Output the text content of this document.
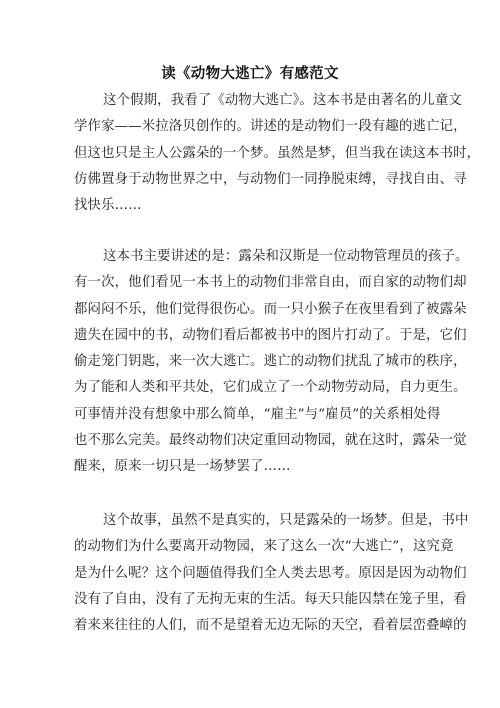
读《动物大逃亡》有感范文
这个假期，我看了《动物大逃亡》。这本书是由著名的儿童文
学作家——米拉洛贝创作的。讲述的是动物们一段有趣的逃亡记，
但这也只是主人公露朵的一个梦。虽然是梦，但当我在读这本书时，
仿佛置身于动物世界之中，与动物们一同挣脱束缚，寻找自由、寻
找快乐……
这本书主要讲述的是：露朵和汉斯是一位动物管理员的孩子。
有一次，他们看见一本书上的动物们非常自由，而自家的动物们却
都闷闷不乐，他们觉得很伤心。而一只小猴子在夜里看到了被露朵
遗失在园中的书，动物们看后都被书中的图片打动了。于是，它们
偷走笼门钥匙，来一次大逃亡。逃亡的动物们扰乱了城市的秩序，
为了能和人类和平共处，它们成立了一个动物劳动局，自力更生。
可事情并没有想象中那么简单，“雇主”与“雇员”的关系相处得
也不那么完美。最终动物们决定重回动物园，就在这时，露朵一觉
醒来，原来一切只是一场梦罢了……
这个故事，虽然不是真实的，只是露朵的一场梦。但是，书中
的动物们为什么要离开动物园，来了这么一次“大逃亡”，这究竟
是为什么呢？这个问题值得我们全人类去思考。原因是因为动物们
没有了自由，没有了无拘无束的生活。每天只能囚禁在笼子里，看
着来来往往的人们，而不是望着无边无际的天空，看着层峦叠嶂的
